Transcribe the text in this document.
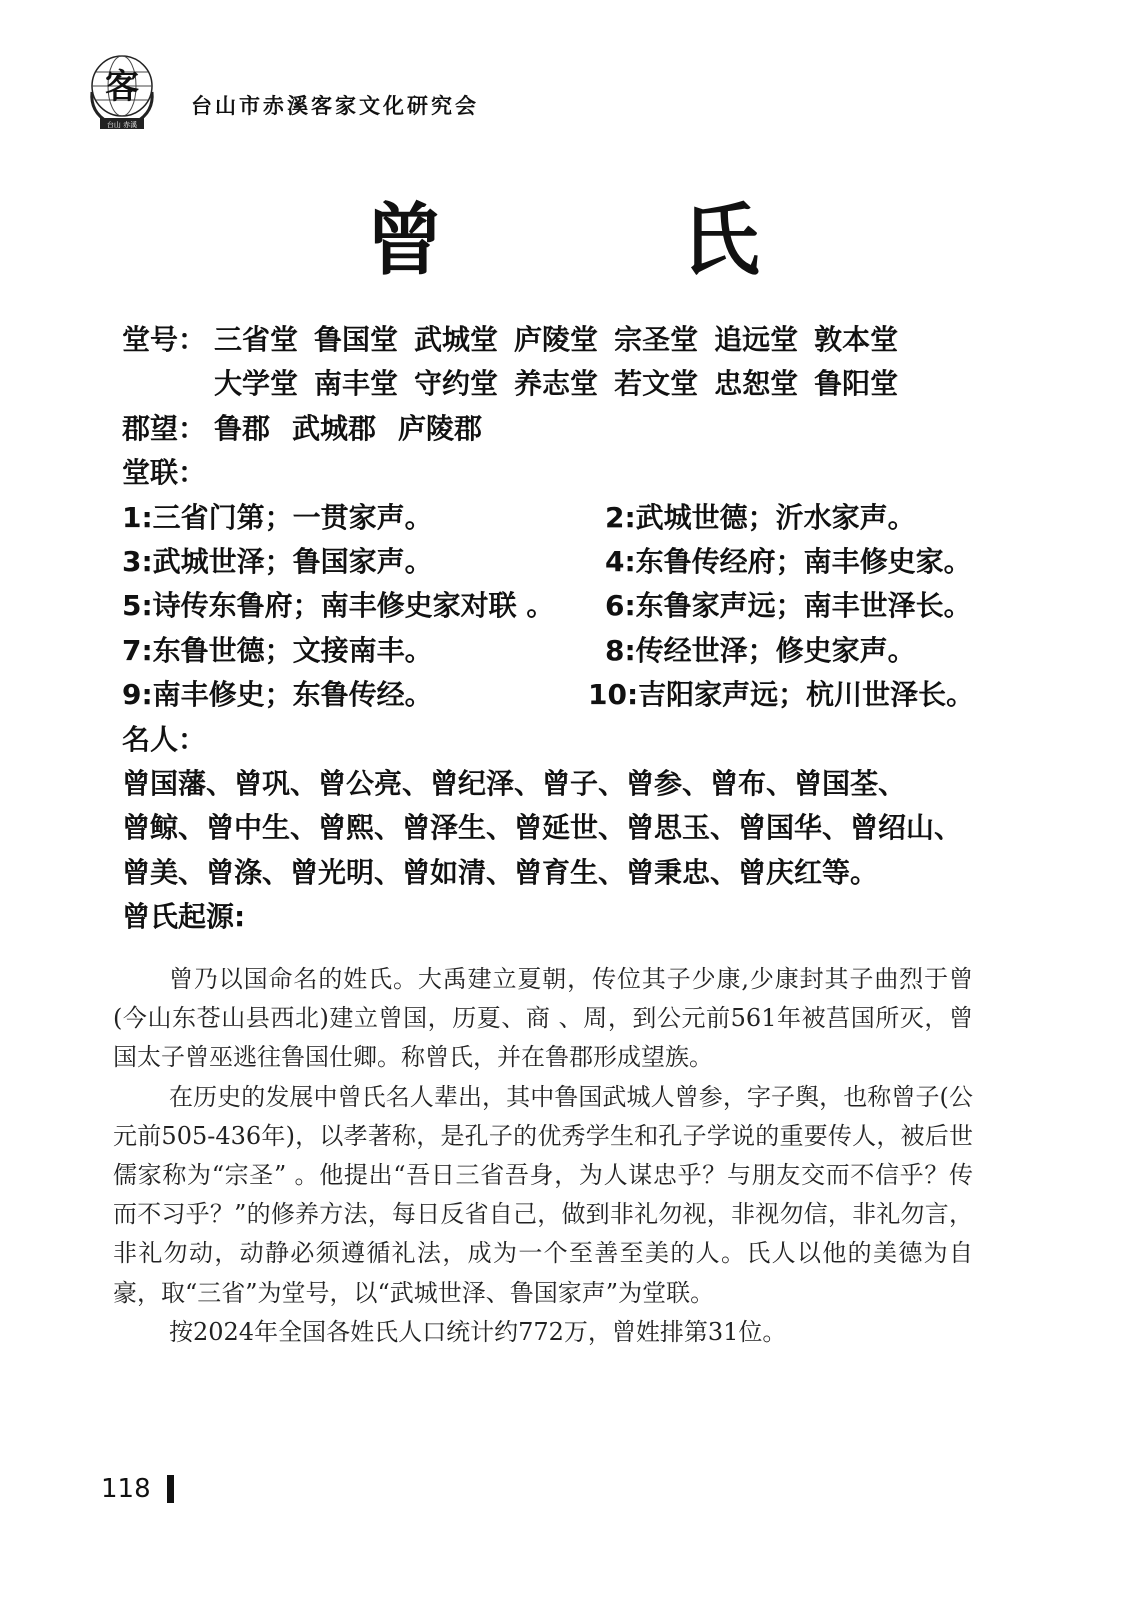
客
台山 赤溪
台山市赤溪客家文化研究会
曾　氏
堂号： 三省堂 鲁国堂 武城堂 庐陵堂 宗圣堂 追远堂 敦本堂
大学堂 南丰堂 守约堂 养志堂 若文堂 忠恕堂 鲁阳堂
郡望： 鲁郡 武城郡 庐陵郡
堂联：
1:三省门第；一贯家声。	2:武城世德；沂水家声。
3:武城世泽；鲁国家声。	4:东鲁传经府；南丰修史家。
5:诗传东鲁府；南丰修史家对联 。	6:东鲁家声远；南丰世泽长。
7:东鲁世德；文接南丰。	8:传经世泽；修史家声。
9:南丰修史；东鲁传经。	10:吉阳家声远；杭川世泽长。
名人：
曾国藩、曾巩、曾公亮、曾纪泽、曾子、曾参、曾布、曾国荃、
曾鲸、曾中生、曾熙、曾泽生、曾延世、曾思玉、曾国华、曾绍山、
曾美、曾涤、曾光明、曾如清、曾育生、曾秉忠、曾庆红等。
曾氏起源:

曾乃以国命名的姓氏。大禹建立夏朝，传位其子少康,少康封其子曲烈于曾(今山东苍山县西北)建立曾国，历夏、商 、周，到公元前561年被莒国所灭，曾国太子曾巫逃往鲁国仕卿。称曾氏，并在鲁郡形成望族。

在历史的发展中曾氏名人辈出，其中鲁国武城人曾参，字子舆，也称曾子(公元前505-436年)，以孝著称，是孔子的优秀学生和孔子学说的重要传人，被后世儒家称为“宗圣” 。他提出“吾日三省吾身，为人谋忠乎？与朋友交而不信乎？传而不习乎？”的修养方法，每日反省自己，做到非礼勿视，非视勿信，非礼勿言，非礼勿动，动静必须遵循礼法，成为一个至善至美的人。氏人以他的美德为自豪，取“三省”为堂号，以“武城世泽、鲁国家声”为堂联。

按2024年全国各姓氏人口统计约772万，曾姓排第31位。

118
